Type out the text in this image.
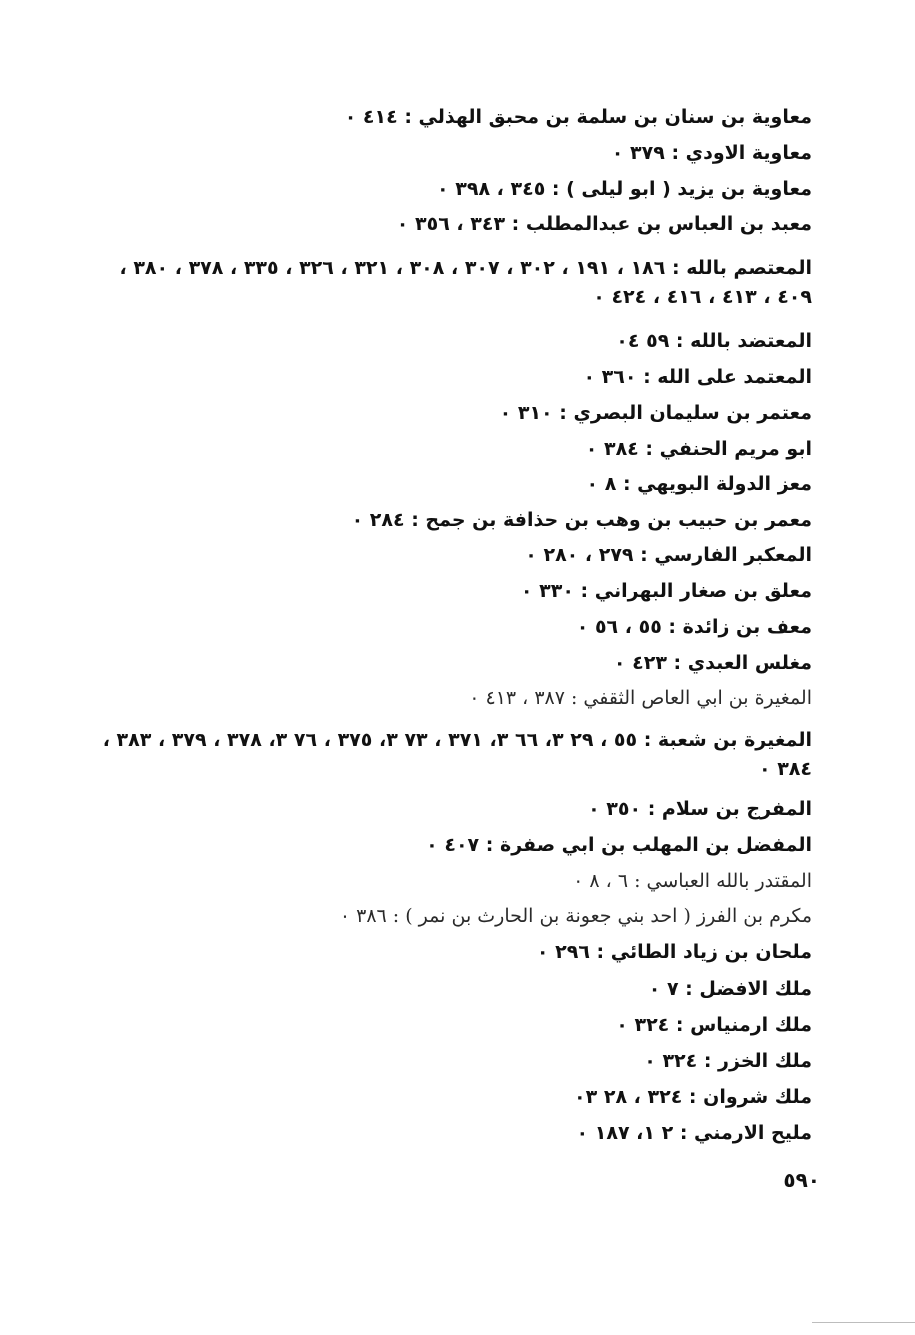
معاوية بن سنان بن سلمة بن محبق الهذلي : ٤١٤ ٠
معاوية الاودي : ٣٧٩ ٠
معاوية بن يزيد ( ابو ليلى ) : ٣٤٥ ، ٣٩٨ ٠
معبد بن العباس بن عبدالمطلب : ٣٤٣ ، ٣٥٦ ٠
المعتصم بالله : ١٨٦ ، ١٩١ ، ٣٠٢ ، ٣٠٧ ، ٣٠٨ ، ٣٢١ ، ٣٢٦ ، ٣٣٥ ، ٣٧٨ ، ٣٨٠ ، ٤٠٩ ، ٤١٣ ، ٤١٦ ، ٤٢٤ ٠
المعتضد بالله : ٥٩ ٠٤
المعتمد على الله : ٣٦٠ ٠
معتمر بن سليمان البصري : ٣١٠ ٠
ابو مريم الحنفي : ٣٨٤ ٠
معز الدولة البويهي : ٨ ٠
معمر بن حبيب بن وهب بن حذافة بن جمح : ٢٨٤ ٠
المعكبر الفارسي : ٢٧٩ ، ٢٨٠ ٠
معلق بن صغار البهراني : ٣٣٠ ٠
معف بن زائدة : ٥٥ ، ٥٦ ٠
مغلس العبدي : ٤٢٣ ٠
المغيرة بن ابي العاص الثقفي : ٣٨٧ ، ٤١٣ ٠
المغيرة بن شعبة : ٥٥ ، ٢٩ ٣، ٦٦ ٣، ٣٧١ ، ٧٣ ٣، ٣٧٥ ، ٧٦ ٣، ٣٧٨ ، ٣٧٩ ، ٣٨٣ ، ٣٨٤ ٠
المفرج بن سلام : ٣٥٠ ٠
المفضل بن المهلب بن ابي صفرة : ٤٠٧ ٠
المقتدر بالله العباسي : ٦ ، ٨ ٠
مكرم بن الفرز ( احد بني جعونة بن الحارث بن نمر ) : ٣٨٦ ٠
ملحان بن زياد الطائي : ٢٩٦ ٠
ملك الافضل : ٧ ٠
ملك ارمنياس : ٣٢٤ ٠
ملك الخزر : ٣٢٤ ٠
ملك شروان : ٣٢٤ ، ٢٨ ٠٣
مليح الارمني : ٢ ١، ١٨٧ ٠
٥٩٠
